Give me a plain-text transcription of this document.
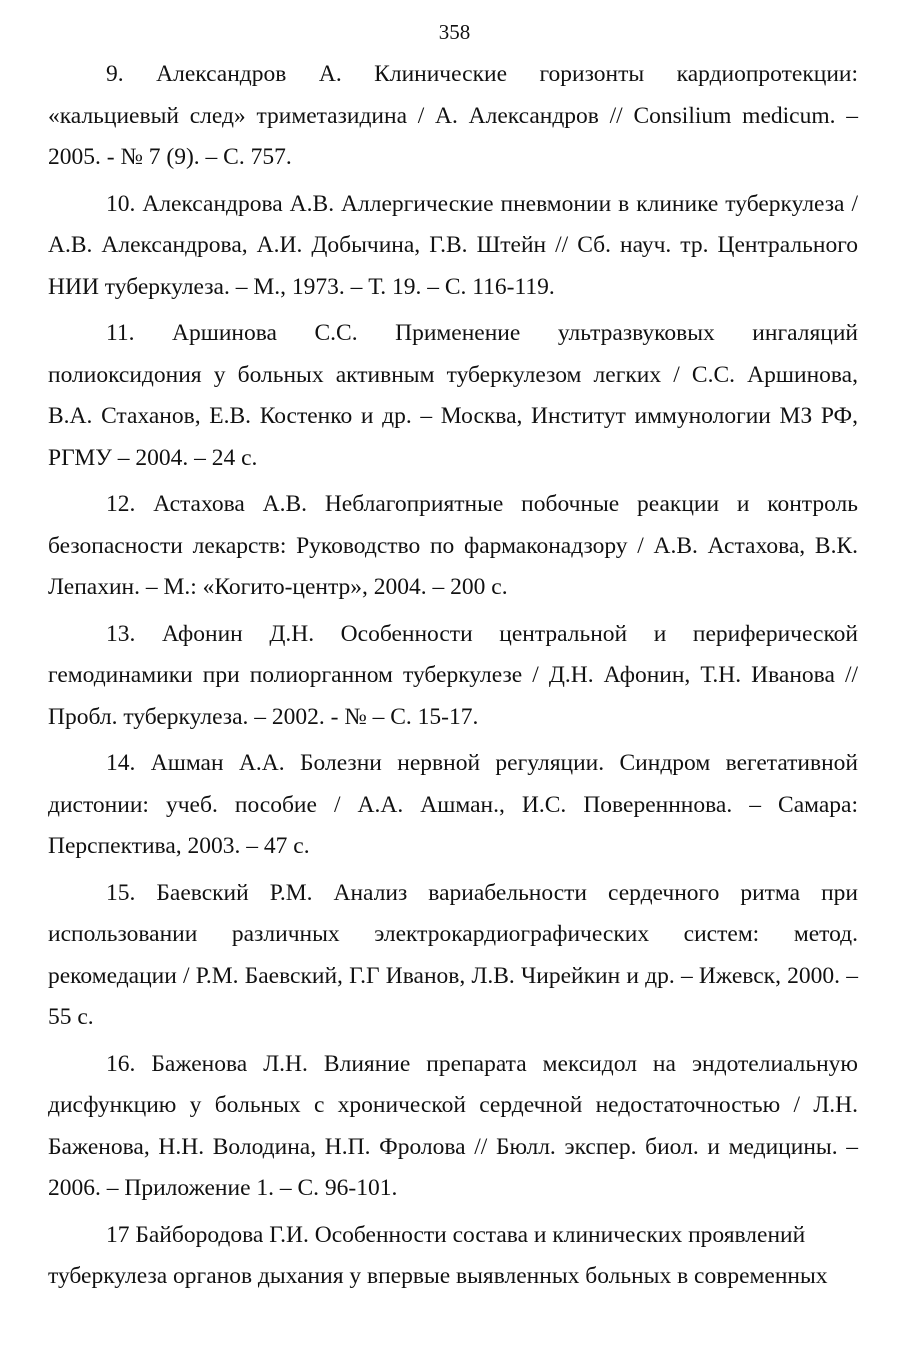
358

9. Александров А. Клинические горизонты кардиопротекции: «кальциевый след» триметазидина / А. Александров // Consilium medicum. – 2005. - № 7 (9). – С. 757.

10. Александрова А.В. Аллергические пневмонии в клинике туберкулеза / А.В. Александрова, А.И. Добычина, Г.В. Штейн // Сб. науч. тр. Центрального НИИ туберкулеза. – М., 1973. – Т. 19. – С. 116-119.

11. Аршинова С.С. Применение ультразвуковых ингаляций полиоксидония у больных активным туберкулезом легких / С.С. Аршинова, В.А. Стаханов, Е.В. Костенко и др. – Москва, Институт иммунологии МЗ РФ, РГМУ – 2004. – 24 с.

12. Астахова А.В. Неблагоприятные побочные реакции и контроль безопасности лекарств: Руководство по фармаконадзору / А.В. Астахова, В.К. Лепахин. – М.: «Когито-центр», 2004. – 200 с.

13. Афонин Д.Н. Особенности центральной и периферической гемодинамики при полиорганном туберкулезе / Д.Н. Афонин, Т.Н. Иванова // Пробл. туберкулеза. – 2002. - № – С. 15-17.

14. Ашман А.А. Болезни нервной регуляции. Синдром вегетативной дистонии: учеб. пособие / А.А. Ашман., И.С. Поверенннова. – Самара: Перспектива, 2003. – 47 с.

15. Баевский Р.М. Анализ вариабельности сердечного ритма при использовании различных электрокардиографических систем: метод. рекомедации / Р.М. Баевский, Г.Г Иванов, Л.В. Чирейкин и др. – Ижевск, 2000. – 55 с.

16. Баженова Л.Н. Влияние препарата мексидол на эндотелиальную дисфункцию у больных с хронической сердечной недостаточностью / Л.Н. Баженова, Н.Н. Володина, Н.П. Фролова // Бюлл. экспер. биол. и медицины. – 2006. – Приложение 1. – С. 96-101.

17 Байбородова Г.И. Особенности состава и клинических проявлений туберкулеза органов дыхания у впервые выявленных больных в современных
